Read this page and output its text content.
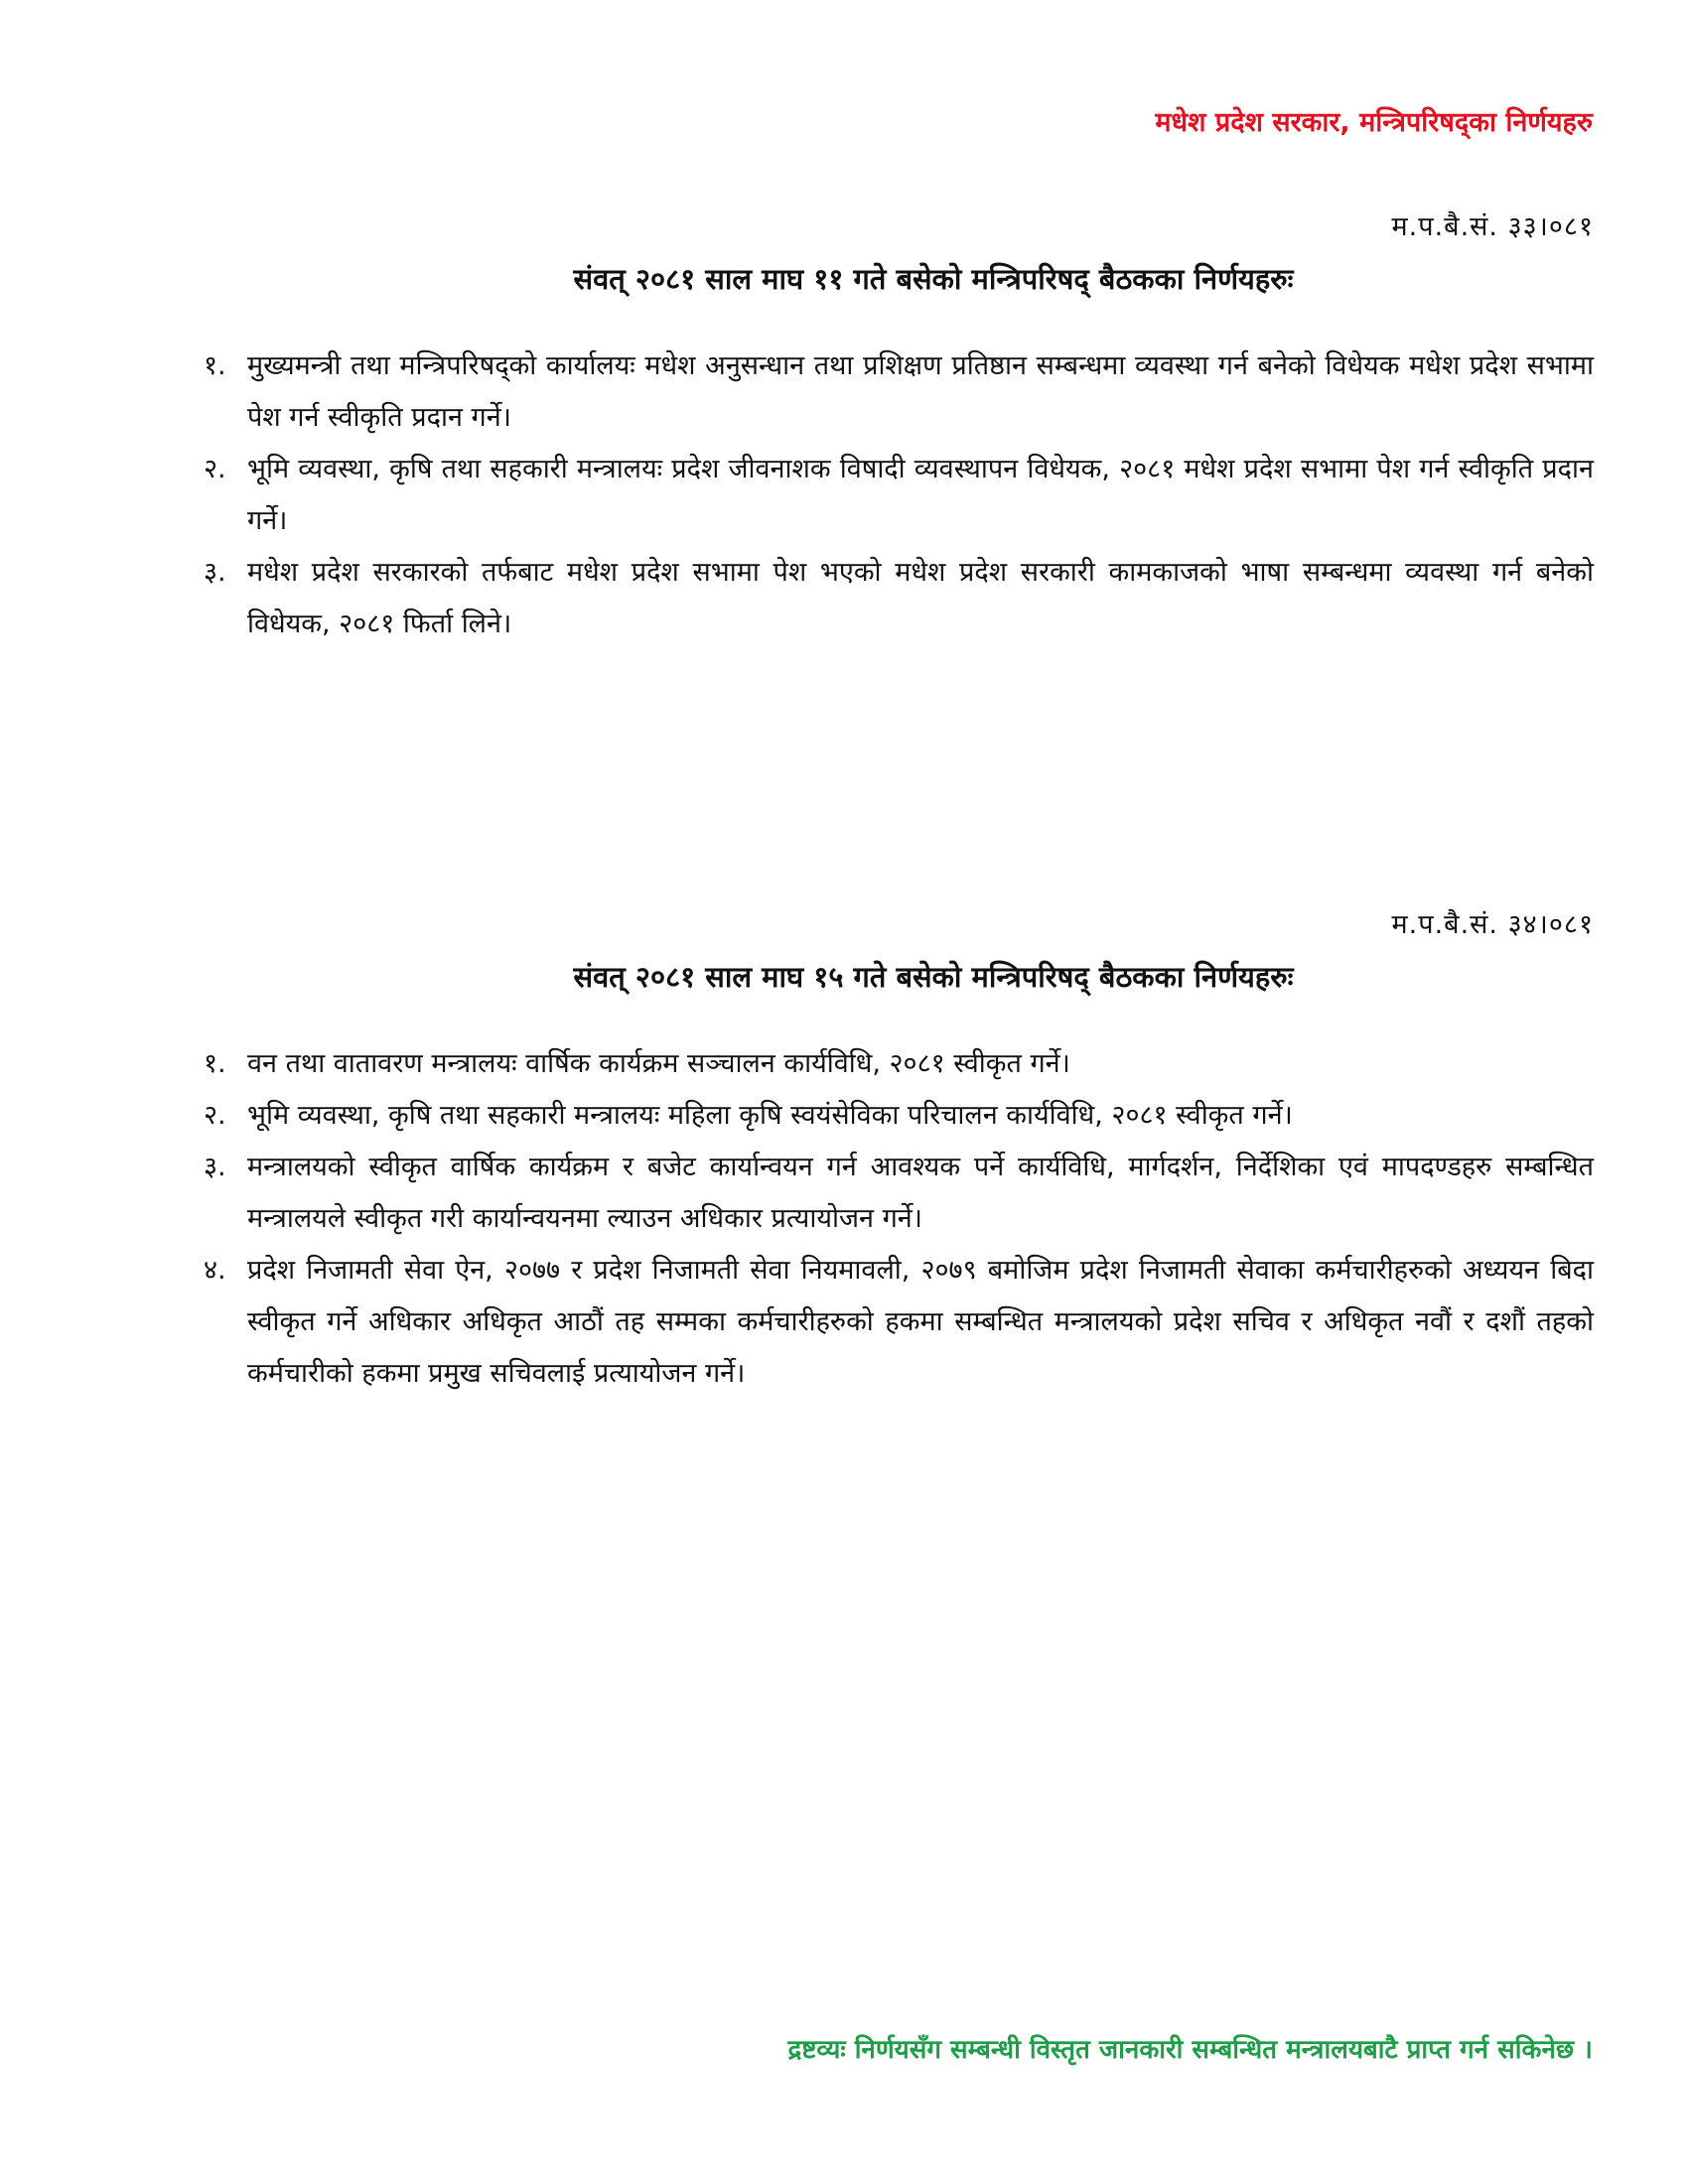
मधेश प्रदेश सरकार, मन्त्रिपरिषद्का निर्णयहरु
म.प.बै.सं. ३३।०८१
संवत् २०८१ साल माघ ११ गते बसेको मन्त्रिपरिषद् बैठकका निर्णयहरुः
१. मुख्यमन्त्री तथा मन्त्रिपरिषद्को कार्यालयः मधेश अनुसन्धान तथा प्रशिक्षण प्रतिष्ठान सम्बन्धमा व्यवस्था गर्न बनेको विधेयक मधेश प्रदेश सभामा पेश गर्न स्वीकृति प्रदान गर्ने।
२. भूमि व्यवस्था, कृषि तथा सहकारी मन्त्रालयः प्रदेश जीवनाशक विषादी व्यवस्थापन विधेयक, २०८१ मधेश प्रदेश सभामा पेश गर्न स्वीकृति प्रदान गर्ने।
३. मधेश प्रदेश सरकारको तर्फबाट मधेश प्रदेश सभामा पेश भएको मधेश प्रदेश सरकारी कामकाजको भाषा सम्बन्धमा व्यवस्था गर्न बनेको विधेयक, २०८१ फिर्ता लिने।
म.प.बै.सं. ३४।०८१
संवत् २०८१ साल माघ १५ गते बसेको मन्त्रिपरिषद् बैठकका निर्णयहरुः
१. वन तथा वातावरण मन्त्रालयः वार्षिक कार्यक्रम सञ्चालन कार्यविधि, २०८१ स्वीकृत गर्ने।
२. भूमि व्यवस्था, कृषि तथा सहकारी मन्त्रालयः महिला कृषि स्वयंसेविका परिचालन कार्यविधि, २०८१ स्वीकृत गर्ने।
३. मन्त्रालयको स्वीकृत वार्षिक कार्यक्रम र बजेट कार्यान्वयन गर्न आवश्यक पर्ने कार्यविधि, मार्गदर्शन, निर्देशिका एवं मापदण्डहरु सम्बन्धित मन्त्रालयले स्वीकृत गरी कार्यान्वयनमा ल्याउन अधिकार प्रत्यायोजन गर्ने।
४. प्रदेश निजामती सेवा ऐन, २०७७ र प्रदेश निजामती सेवा नियमावली, २०७९ बमोजिम प्रदेश निजामती सेवाका कर्मचारीहरुको अध्ययन बिदा स्वीकृत गर्ने अधिकार अधिकृत आठौं तह सम्मका कर्मचारीहरुको हकमा सम्बन्धित मन्त्रालयको प्रदेश सचिव र अधिकृत नवौं र दशौं तहको कर्मचारीको हकमा प्रमुख सचिवलाई प्रत्यायोजन गर्ने।
द्रष्टव्यः निर्णयसँग सम्बन्धी विस्तृत जानकारी सम्बन्धित मन्त्रालयबाटै प्राप्त गर्न सकिनेछ ।
